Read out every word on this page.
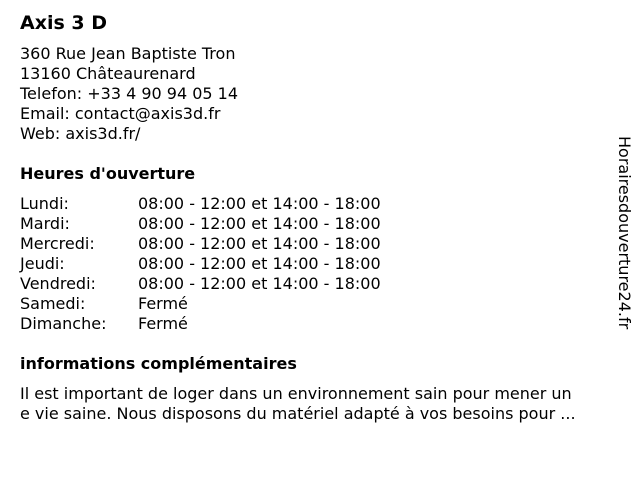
Axis 3 D
360 Rue Jean Baptiste Tron
13160 Châteaurenard
Telefon: +33 4 90 94 05 14
Email: contact@axis3d.fr
Web: axis3d.fr/
Heures d'ouverture
Lundi:	08:00 - 12:00 et 14:00 - 18:00
Mardi:	08:00 - 12:00 et 14:00 - 18:00
Mercredi:	08:00 - 12:00 et 14:00 - 18:00
Jeudi:	08:00 - 12:00 et 14:00 - 18:00
Vendredi:	08:00 - 12:00 et 14:00 - 18:00
Samedi:	Fermé
Dimanche:	Fermé
informations complémentaires
Il est important de loger dans un environnement sain pour mener un
e vie saine. Nous disposons du matériel adapté à vos besoins pour ...
Horairesdouverture24.fr
